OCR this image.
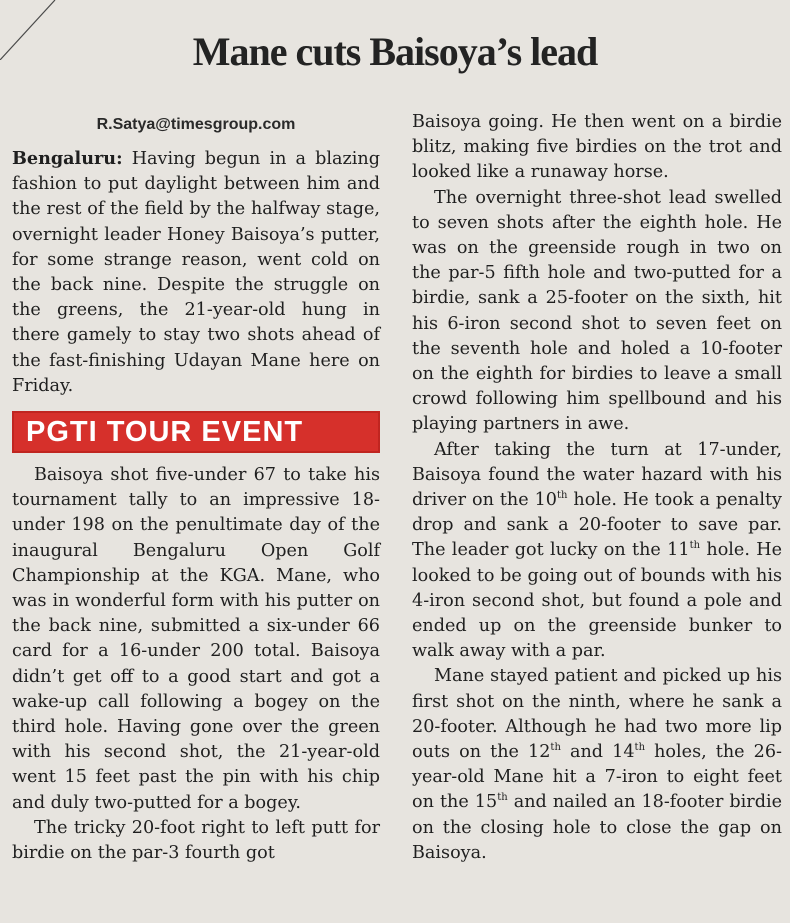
Mane cuts Baisoya’s lead
R.Satya@timesgroup.com

Bengaluru: Having begun in a blazing fashion to put daylight between him and the rest of the field by the halfway stage, overnight leader Honey Baisoya’s putter, for some strange reason, went cold on the back nine. Despite the struggle on the greens, the 21-year-old hung in there gamely to stay two shots ahead of the fast-finishing Udayan Mane here on Friday.

PGTI TOUR EVENT

Baisoya shot five-under 67 to take his tournament tally to an impressive 18-under 198 on the penultimate day of the inaugural Bengaluru Open Golf Championship at the KGA. Mane, who was in wonderful form with his putter on the back nine, submitted a six-under 66 card for a 16-under 200 total. Baisoya didn’t get off to a good start and got a wake-up call following a bogey on the third hole. Having gone over the green with his second shot, the 21-year-old went 15 feet past the pin with his chip and duly two-putted for a bogey.

The tricky 20-foot right to left putt for birdie on the par-3 fourth got

Baisoya going. He then went on a birdie blitz, making five birdies on the trot and looked like a runaway horse.

The overnight three-shot lead swelled to seven shots after the eighth hole. He was on the greenside rough in two on the par-5 fifth hole and two-putted for a birdie, sank a 25-footer on the sixth, hit his 6-iron second shot to seven feet on the seventh hole and holed a 10-footer on the eighth for birdies to leave a small crowd following him spellbound and his playing partners in awe.

After taking the turn at 17-under, Baisoya found the water hazard with his driver on the 10th hole. He took a penalty drop and sank a 20-footer to save par. The leader got lucky on the 11th hole. He looked to be going out of bounds with his 4-iron second shot, but found a pole and ended up on the greenside bunker to walk away with a par.

Mane stayed patient and picked up his first shot on the ninth, where he sank a 20-footer. Although he had two more lip outs on the 12th and 14th holes, the 26-year-old Mane hit a 7-iron to eight feet on the 15th and nailed an 18-footer birdie on the closing hole to close the gap on Baisoya.
